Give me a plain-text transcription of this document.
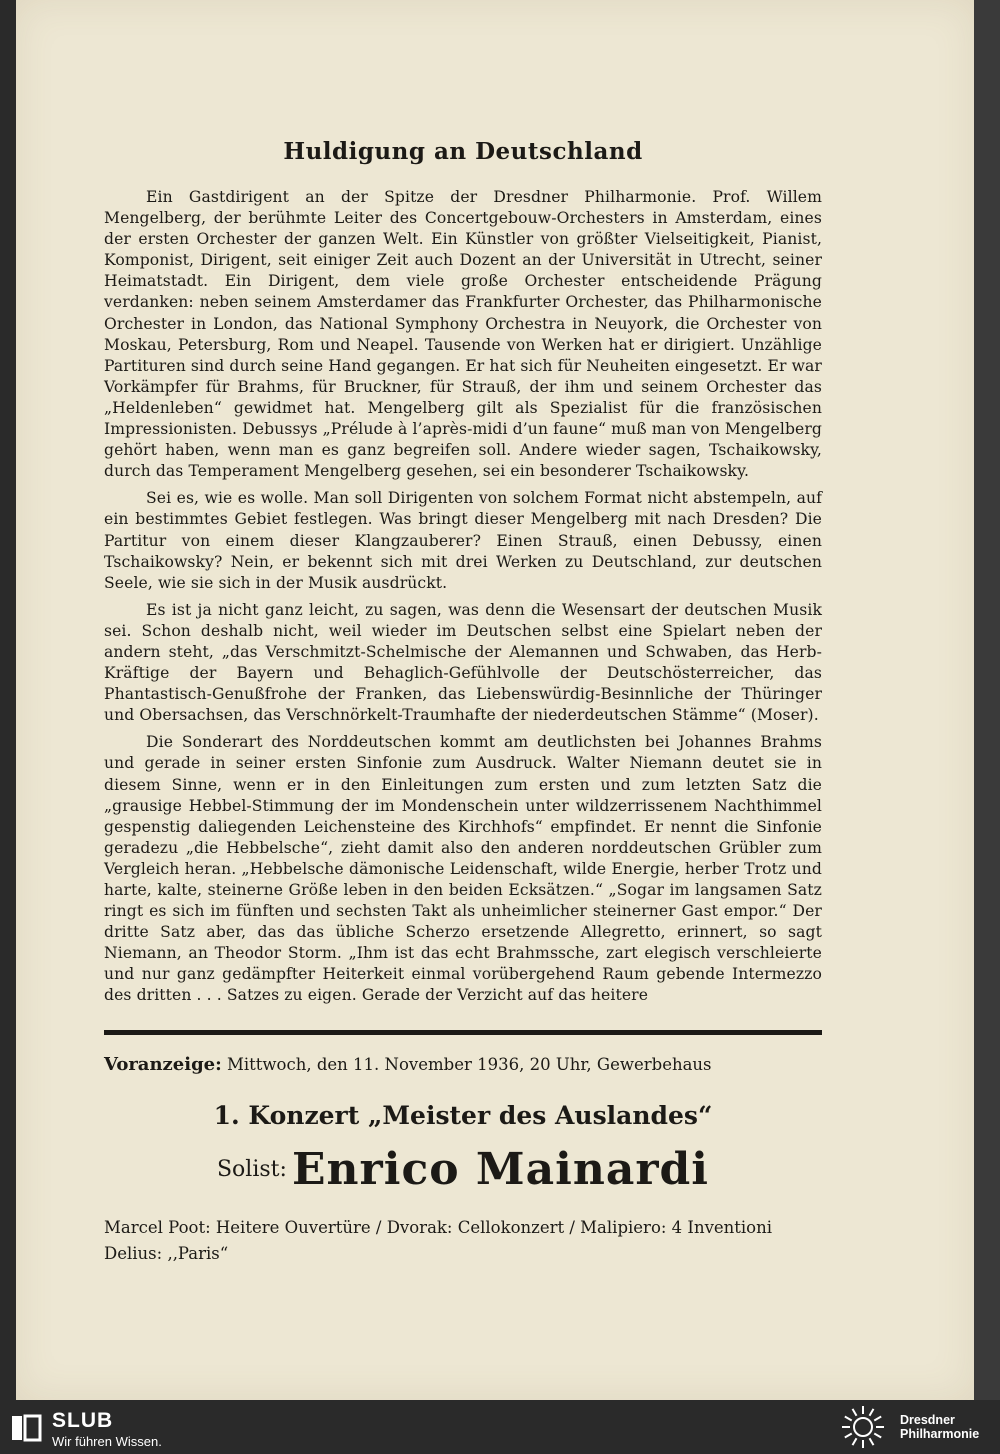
Huldigung an Deutschland

Ein Gastdirigent an der Spitze der Dresdner Philharmonie. Prof. Willem Mengelberg, der berühmte Leiter des Concertgebouw-Orchesters in Amsterdam, eines der ersten Orchester der ganzen Welt. Ein Künstler von größter Vielseitigkeit, Pianist, Komponist, Dirigent, seit einiger Zeit auch Dozent an der Universität in Utrecht, seiner Heimatstadt. Ein Dirigent, dem viele große Orchester entscheidende Prägung verdanken: neben seinem Amsterdamer das Frankfurter Orchester, das Philharmonische Orchester in London, das National Symphony Orchestra in Neuyork, die Orchester von Moskau, Petersburg, Rom und Neapel. Tausende von Werken hat er dirigiert. Unzählige Partituren sind durch seine Hand gegangen. Er hat sich für Neuheiten eingesetzt. Er war Vorkämpfer für Brahms, für Bruckner, für Strauß, der ihm und seinem Orchester das „Heldenleben“ gewidmet hat. Mengelberg gilt als Spezialist für die französischen Impressionisten. Debussys „Prélude à l’après-midi d’un faune“ muß man von Mengelberg gehört haben, wenn man es ganz begreifen soll. Andere wieder sagen, Tschaikowsky, durch das Temperament Mengelberg gesehen, sei ein besonderer Tschaikowsky.

Sei es, wie es wolle. Man soll Dirigenten von solchem Format nicht abstempeln, auf ein bestimmtes Gebiet festlegen. Was bringt dieser Mengelberg mit nach Dresden? Die Partitur von einem dieser Klangzauberer? Einen Strauß, einen Debussy, einen Tschaikowsky? Nein, er bekennt sich mit drei Werken zu Deutschland, zur deutschen Seele, wie sie sich in der Musik ausdrückt.

Es ist ja nicht ganz leicht, zu sagen, was denn die Wesensart der deutschen Musik sei. Schon deshalb nicht, weil wieder im Deutschen selbst eine Spielart neben der andern steht, „das Verschmitzt-Schelmische der Alemannen und Schwaben, das Herb-Kräftige der Bayern und Behaglich-Gefühlvolle der Deutschösterreicher, das Phantastisch-Genußfrohe der Franken, das Liebenswürdig-Besinnliche der Thüringer und Obersachsen, das Verschnörkelt-Traumhafte der niederdeutschen Stämme“ (Moser).

Die Sonderart des Norddeutschen kommt am deutlichsten bei Johannes Brahms und gerade in seiner ersten Sinfonie zum Ausdruck. Walter Niemann deutet sie in diesem Sinne, wenn er in den Einleitungen zum ersten und zum letzten Satz die „grausige Hebbel-Stimmung der im Mondenschein unter wildzerrissenem Nachthimmel gespenstig daliegenden Leichensteine des Kirchhofs“ empfindet. Er nennt die Sinfonie geradezu „die Hebbelsche“, zieht damit also den anderen norddeutschen Grübler zum Vergleich heran. „Hebbelsche dämonische Leidenschaft, wilde Energie, herber Trotz und harte, kalte, steinerne Größe leben in den beiden Ecksätzen.“ „Sogar im langsamen Satz ringt es sich im fünften und sechsten Takt als unheimlicher steinerner Gast empor.“ Der dritte Satz aber, das das übliche Scherzo ersetzende Allegretto, erinnert, so sagt Niemann, an Theodor Storm. „Ihm ist das echt Brahmssche, zart elegisch verschleierte und nur ganz gedämpfter Heiterkeit einmal vorübergehend Raum gebende Intermezzo des dritten . . . Satzes zu eigen. Gerade der Verzicht auf das heitere

Voranzeige: Mittwoch, den 11. November 1936, 20 Uhr, Gewerbehaus
1. Konzert „Meister des Auslandes“
Solist: Enrico Mainardi
Marcel Poot: Heitere Ouvertüre / Dvorak: Cellokonzert / Malipiero: 4 Inventioni
Delius: ,,Paris“
SLUB
Wir führen Wissen.
Dresdner
Philharmonie
